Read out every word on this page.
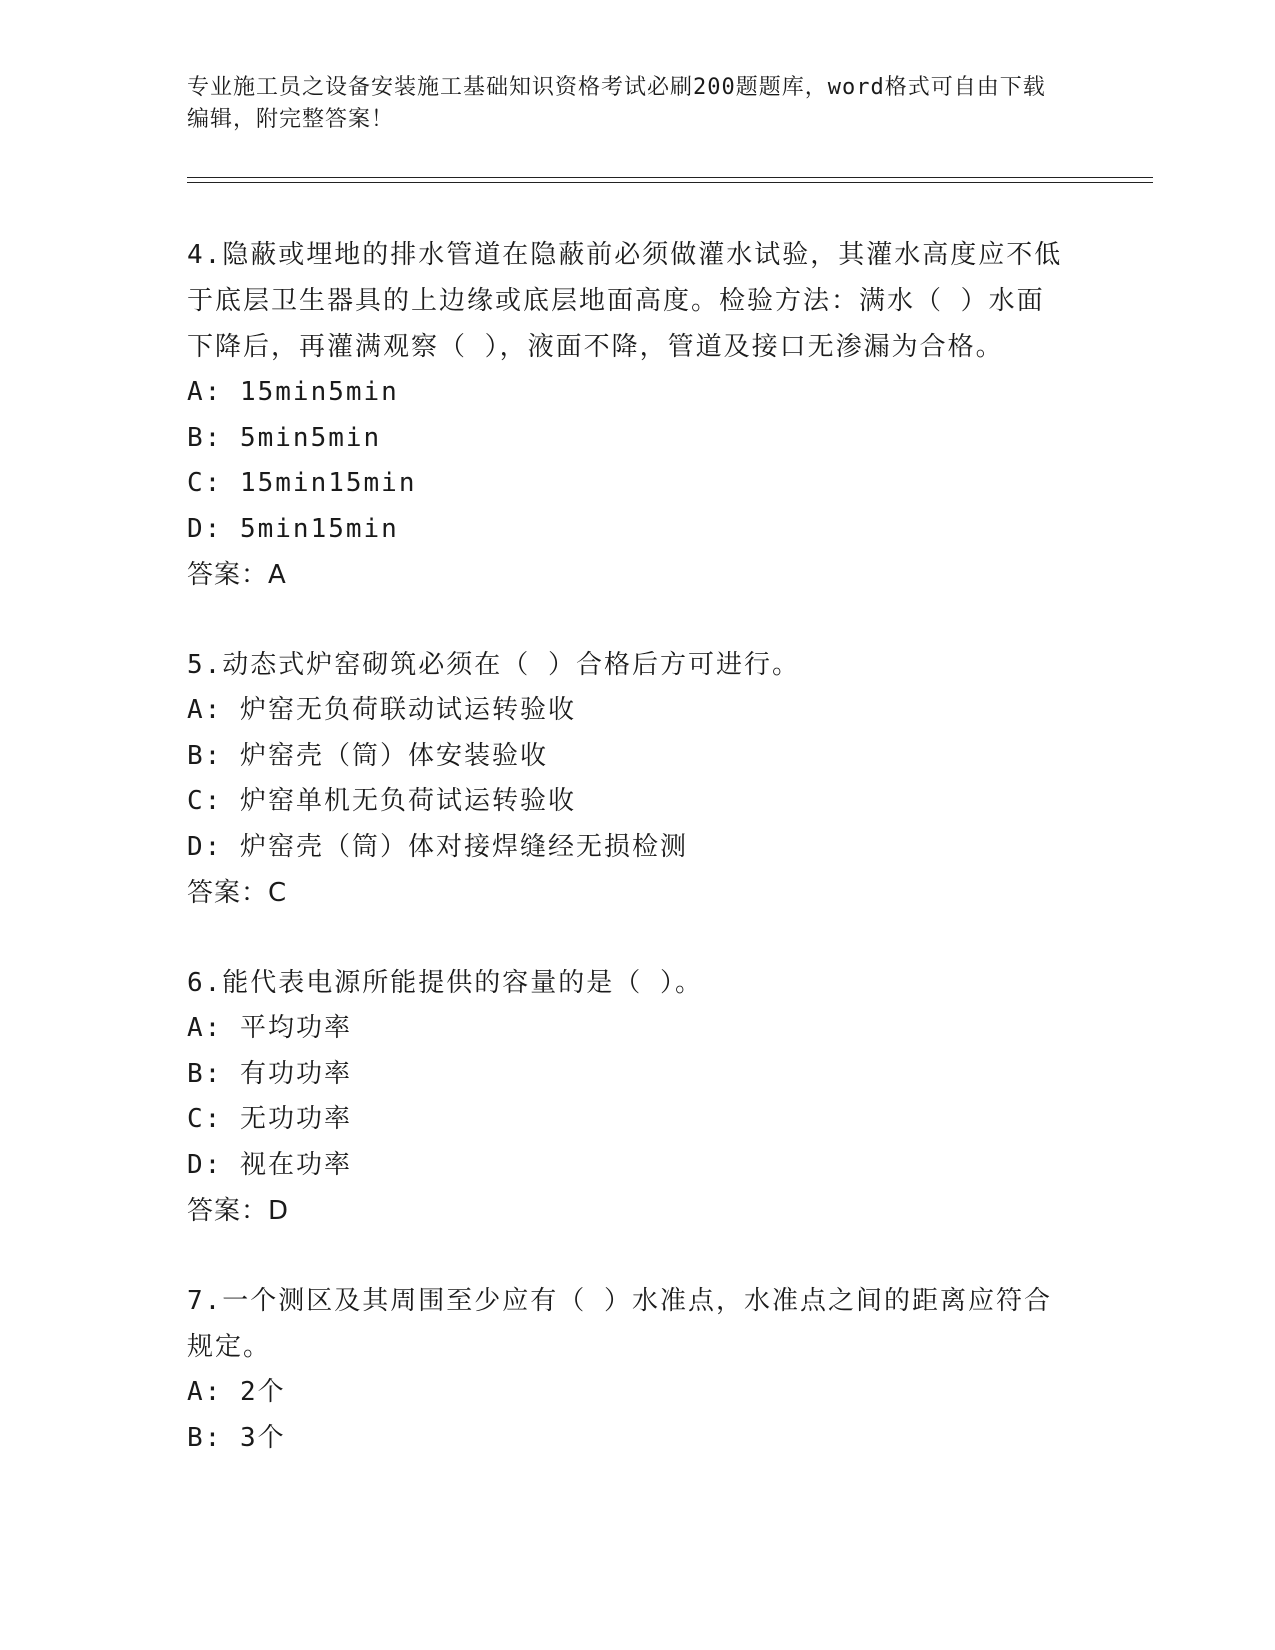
专业施工员之设备安装施工基础知识资格考试必刷200题题库，word格式可自由下载编辑，附完整答案！

4.隐蔽或埋地的排水管道在隐蔽前必须做灌水试验，其灌水高度应不低于底层卫生器具的上边缘或底层地面高度。检验方法：满水（ ）水面下降后，再灌满观察（ ），液面不降，管道及接口无渗漏为合格。

A: 15min5min

B: 5min5min

C: 15min15min

D: 5min15min

答案：A

5.动态式炉窑砌筑必须在（ ）合格后方可进行。

A: 炉窑无负荷联动试运转验收

B: 炉窑壳（筒）体安装验收

C: 炉窑单机无负荷试运转验收

D: 炉窑壳（筒）体对接焊缝经无损检测

答案：C

6.能代表电源所能提供的容量的是（ ）。

A: 平均功率

B: 有功功率

C: 无功功率

D: 视在功率

答案：D

7.一个测区及其周围至少应有（ ）水准点，水准点之间的距离应符合规定。

A: 2个

B: 3个
